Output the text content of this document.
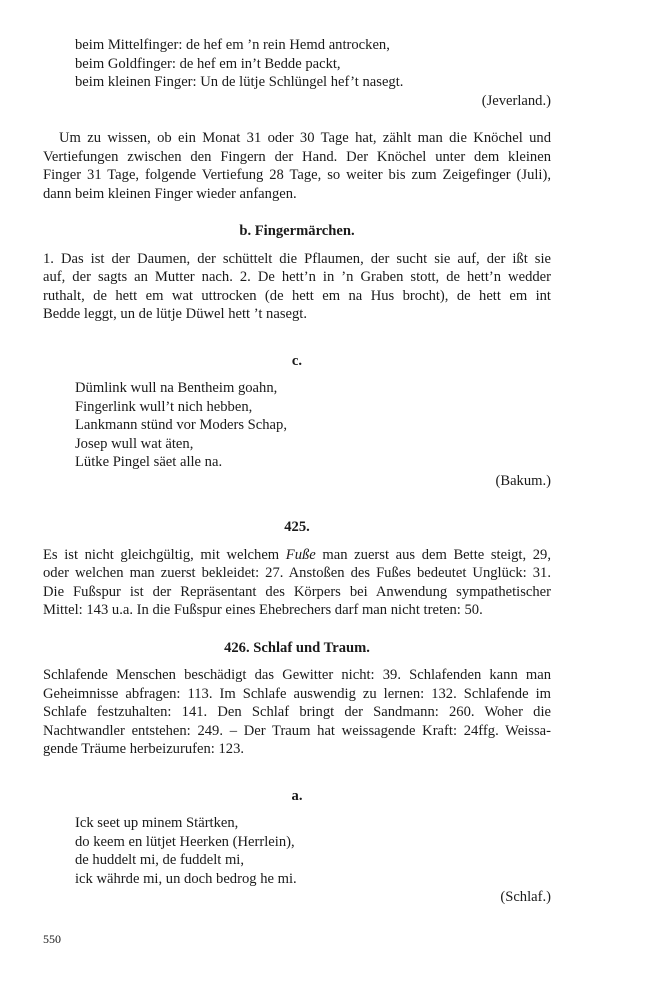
beim Mittelfinger: de hef em ’n rein Hemd antrocken,
beim Goldfinger: de hef em in’t Bedde packt,
beim kleinen Finger: Un de lütje Schlüngel hef’t nasegt.
(Jeverland.)
Um zu wissen, ob ein Monat 31 oder 30 Tage hat, zählt man die Knöchel und
Vertiefungen zwischen den Fingern der Hand. Der Knöchel unter dem kleinen
Finger 31 Tage, folgende Vertiefung 28 Tage, so weiter bis zum Zeigefinger (Juli),
dann beim kleinen Finger wieder anfangen.
b. Fingermärchen.
1. Das ist der Daumen, der schüttelt die Pflaumen, der sucht sie auf, der ißt sie
auf, der sagts an Mutter nach. 2. De hett’n in ’n Graben stott, de hett’n wedder
ruthalt, de hett em wat uttrocken (de hett em na Hus brocht), de hett em int
Bedde leggt, un de lütje Düwel hett ’t nasegt.
c.
Dümlink wull na Bentheim goahn,
Fingerlink wull’t nich hebben,
Lankmann stünd vor Moders Schap,
Josep wull wat äten,
Lütke Pingel säet alle na.
(Bakum.)
425.
Es ist nicht gleichgültig, mit welchem Fuße man zuerst aus dem Bette steigt, 29,
oder welchen man zuerst bekleidet: 27. Anstoßen des Fußes bedeutet Unglück: 31.
Die Fußspur ist der Repräsentant des Körpers bei Anwendung sympathetischer
Mittel: 143 u.a. In die Fußspur eines Ehebrechers darf man nicht treten: 50.
426. Schlaf und Traum.
Schlafende Menschen beschädigt das Gewitter nicht: 39. Schlafenden kann man
Geheimnisse abfragen: 113. Im Schlafe auswendig zu lernen: 132. Schlafende im
Schlafe festzuhalten: 141. Den Schlaf bringt der Sandmann: 260. Woher die
Nachtwandler entstehen: 249. – Der Traum hat weissagende Kraft: 24ffg. Weissa-
gende Träume herbeizurufen: 123.
a.
Ick seet up minem Stärtken,
do keem en lütjet Heerken (Herrlein),
de huddelt mi, de fuddelt mi,
ick währde mi, un doch bedrog he mi.
(Schlaf.)
550
